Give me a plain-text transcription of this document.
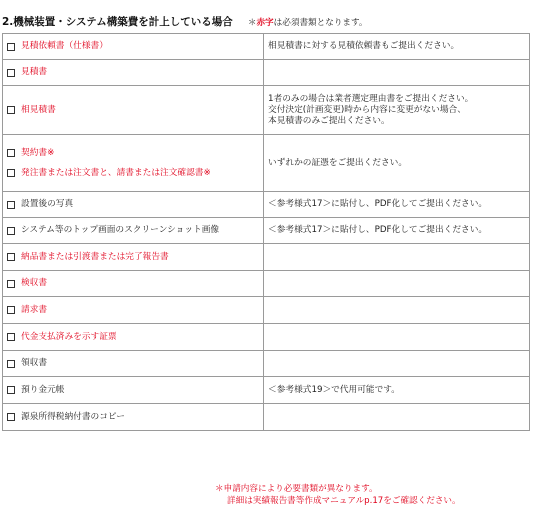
2.機械装置・システム構築費を計上している場合 ＊赤字は必須書類となります。
見積依頼書（仕様書）	相見積書に対する見積依頼書もご提出ください。

見積書	

相見積書	1者のみの場合は業者選定理由書をご提出ください。
交付決定(計画変更)時から内容に変更がない場合、
本見積書のみご提出ください。

契約書※
発注書または注文書と、請書または注文確認書※	いずれかの証憑をご提出ください。

設置後の写真	＜参考様式17＞に貼付し、PDF化してご提出ください。

システム等のトップ画面のスクリーンショット画像	＜参考様式17＞に貼付し、PDF化してご提出ください。

納品書または引渡書または完了報告書	

検収書	

請求書	

代金支払済みを示す証票	

領収書	

預り金元帳	＜参考様式19＞で代用可能です。

源泉所得税納付書のコピー	

＊申請内容により必要書類が異なります。
詳細は実績報告書等作成マニュアルp.17をご確認ください。
